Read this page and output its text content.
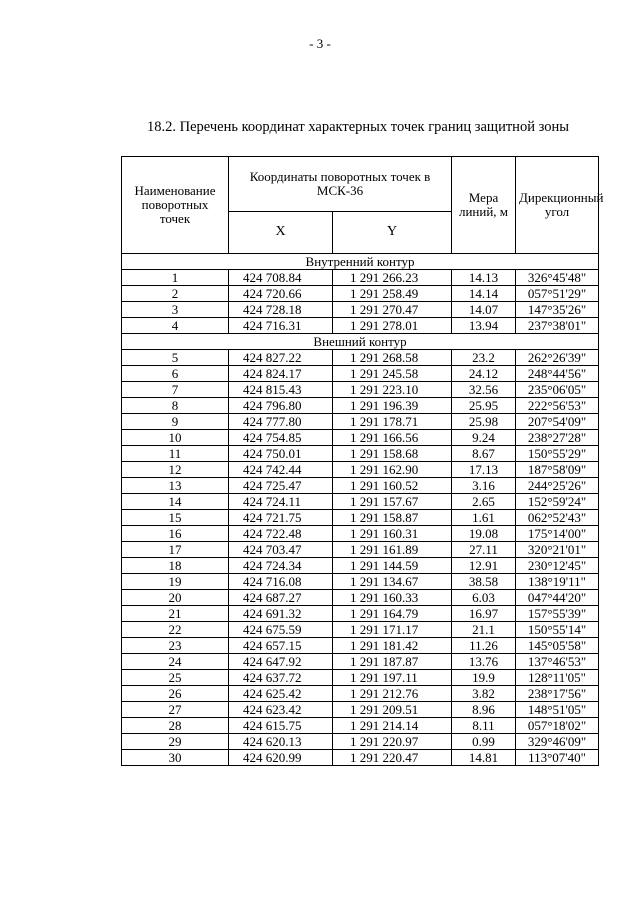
- 3 -
18.2. Перечень координат характерных точек границ защитной зоны
Наименование поворотных точек	Координаты поворотных точек в МСК-36		Мера линий, м	Дирекционный угол
	X	Y		
Внутренний контур				
1	424 708.84	1 291 266.23	14.13	326°45'48"
2	424 720.66	1 291 258.49	14.14	057°51'29"
3	424 728.18	1 291 270.47	14.07	147°35'26"
4	424 716.31	1 291 278.01	13.94	237°38'01"
Внешний контур				
5	424 827.22	1 291 268.58	23.2	262°26'39"
6	424 824.17	1 291 245.58	24.12	248°44'56"
7	424 815.43	1 291 223.10	32.56	235°06'05"
8	424 796.80	1 291 196.39	25.95	222°56'53"
9	424 777.80	1 291 178.71	25.98	207°54'09"
10	424 754.85	1 291 166.56	9.24	238°27'28"
11	424 750.01	1 291 158.68	8.67	150°55'29"
12	424 742.44	1 291 162.90	17.13	187°58'09"
13	424 725.47	1 291 160.52	3.16	244°25'26"
14	424 724.11	1 291 157.67	2.65	152°59'24"
15	424 721.75	1 291 158.87	1.61	062°52'43"
16	424 722.48	1 291 160.31	19.08	175°14'00"
17	424 703.47	1 291 161.89	27.11	320°21'01"
18	424 724.34	1 291 144.59	12.91	230°12'45"
19	424 716.08	1 291 134.67	38.58	138°19'11"
20	424 687.27	1 291 160.33	6.03	047°44'20"
21	424 691.32	1 291 164.79	16.97	157°55'39"
22	424 675.59	1 291 171.17	21.1	150°55'14"
23	424 657.15	1 291 181.42	11.26	145°05'58"
24	424 647.92	1 291 187.87	13.76	137°46'53"
25	424 637.72	1 291 197.11	19.9	128°11'05"
26	424 625.42	1 291 212.76	3.82	238°17'56"
27	424 623.42	1 291 209.51	8.96	148°51'05"
28	424 615.75	1 291 214.14	8.11	057°18'02"
29	424 620.13	1 291 220.97	0.99	329°46'09"
30	424 620.99	1 291 220.47	14.81	113°07'40"
